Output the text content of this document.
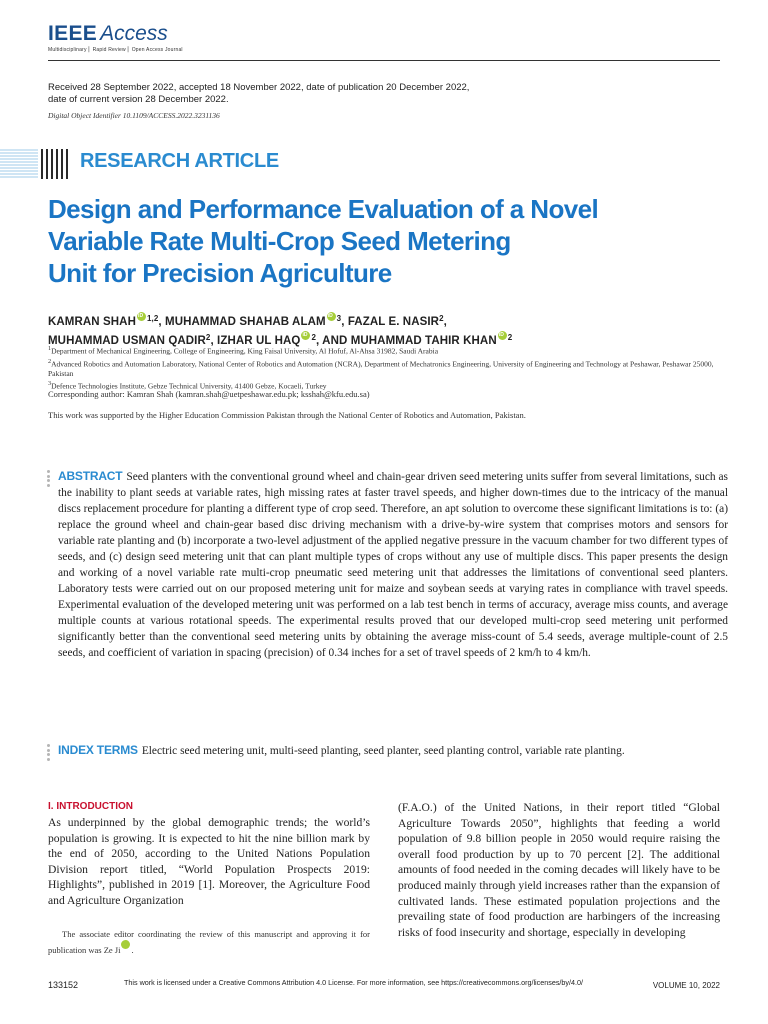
IEEE Access
Multidisciplinary ⎢ Rapid Review ⎢ Open Access Journal
Received 28 September 2022, accepted 18 November 2022, date of publication 20 December 2022,
date of current version 28 December 2022.
Digital Object Identifier 10.1109/ACCESS.2022.3231136
RESEARCH ARTICLE
Design and Performance Evaluation of a Novel
Variable Rate Multi-Crop Seed Metering
Unit for Precision Agriculture
KAMRAN SHAH iD $^{1,2}$, MUHAMMAD SHAHAB ALAM iD $^3$, FAZAL E. NASIR$^2$,
MUHAMMAD USMAN QADIR$^2$, IZHAR UL HAQ iD $^2$, AND MUHAMMAD TAHIR KHAN iD $^2$

$^1$Department of Mechanical Engineering, College of Engineering, King Faisal University, Al Hofuf, Al-Ahsa 31982, Saudi Arabia

$^2$Advanced Robotics and Automation Laboratory, National Center of Robotics and Automation (NCRA), Department of Mechatronics Engineering, University of Engineering and Technology at Peshawar, Peshawar 25000, Pakistan

$^3$Defence Technologies Institute, Gebze Technical University, 41400 Gebze, Kocaeli, Turkey

Corresponding author: Kamran Shah (kamran.shah@uetpeshawar.edu.pk; ksshah@kfu.edu.sa)
This work was supported by the Higher Education Commission Pakistan through the National Center of Robotics and Automation, Pakistan.

ABSTRACT Seed planters with the conventional ground wheel and chain-gear driven seed metering units suffer from several limitations, such as the inability to plant seeds at variable rates, high missing rates at faster travel speeds, and higher down-times due to the intricacy of the manual discs replacement procedure for planting a different type of crop seed. Therefore, an apt solution to overcome these significant limitations is to: (a) replace the ground wheel and chain-gear based disc driving mechanism with a drive-by-wire system that comprises motors and sensors for variable rate planting and (b) incorporate a two-level adjustment of the applied negative pressure in the vacuum chamber for two different types of seeds, and (c) design seed metering unit that can plant multiple types of crops without any use of multiple discs. This paper presents the design and working of a novel variable rate multi-crop pneumatic seed metering unit that addresses the limitations of conventional seed planters. Laboratory tests were carried out on our proposed metering unit for maize and soybean seeds at varying rates in compliance with travel speeds. Experimental evaluation of the developed metering unit was performed on a lab test bench in terms of accuracy, average miss counts, and average multiple counts at various rotational speeds. The experimental results proved that our developed multi-crop seed metering unit performed significantly better than the conventional seed metering units by obtaining the average miss-count of 5.4 seeds, average multiple-count of 2.5 seeds, and coefficient of variation in spacing (precision) of 0.34 inches for a set of travel speeds of 2 km/h to 4 km/h.

INDEX TERMS Electric seed metering unit, multi-seed planting, seed planter, seed planting control, variable rate planting.

I. INTRODUCTION

As underpinned by the global demographic trends; the world’s population is growing. It is expected to hit the nine billion mark by the end of 2050, according to the United Nations Population Division report titled, “World Population Prospects 2019: Highlights”, published in 2019 [1]. Moreover, the Agriculture Food and Agriculture Organization

(F.A.O.) of the United Nations, in their report titled “Global Agriculture Towards 2050”, highlights that feeding a world population of 9.8 billion people in 2050 would require raising the overall food production by up to 70 percent [2]. The additional amounts of food needed in the coming decades will likely have to be produced mainly through yield increases rather than the expansion of cultivated lands. These estimated population projections and the prevailing state of food production are harbingers of the increasing risks of food insecurity and shortage, especially in developing

The associate editor coordinating the review of this manuscript and approving it for publication was Ze JiiD .

133152	This work is licensed under a Creative Commons Attribution 4.0 License. For more information, see https://creativecommons.org/licenses/by/4.0/	VOLUME 10, 2022
